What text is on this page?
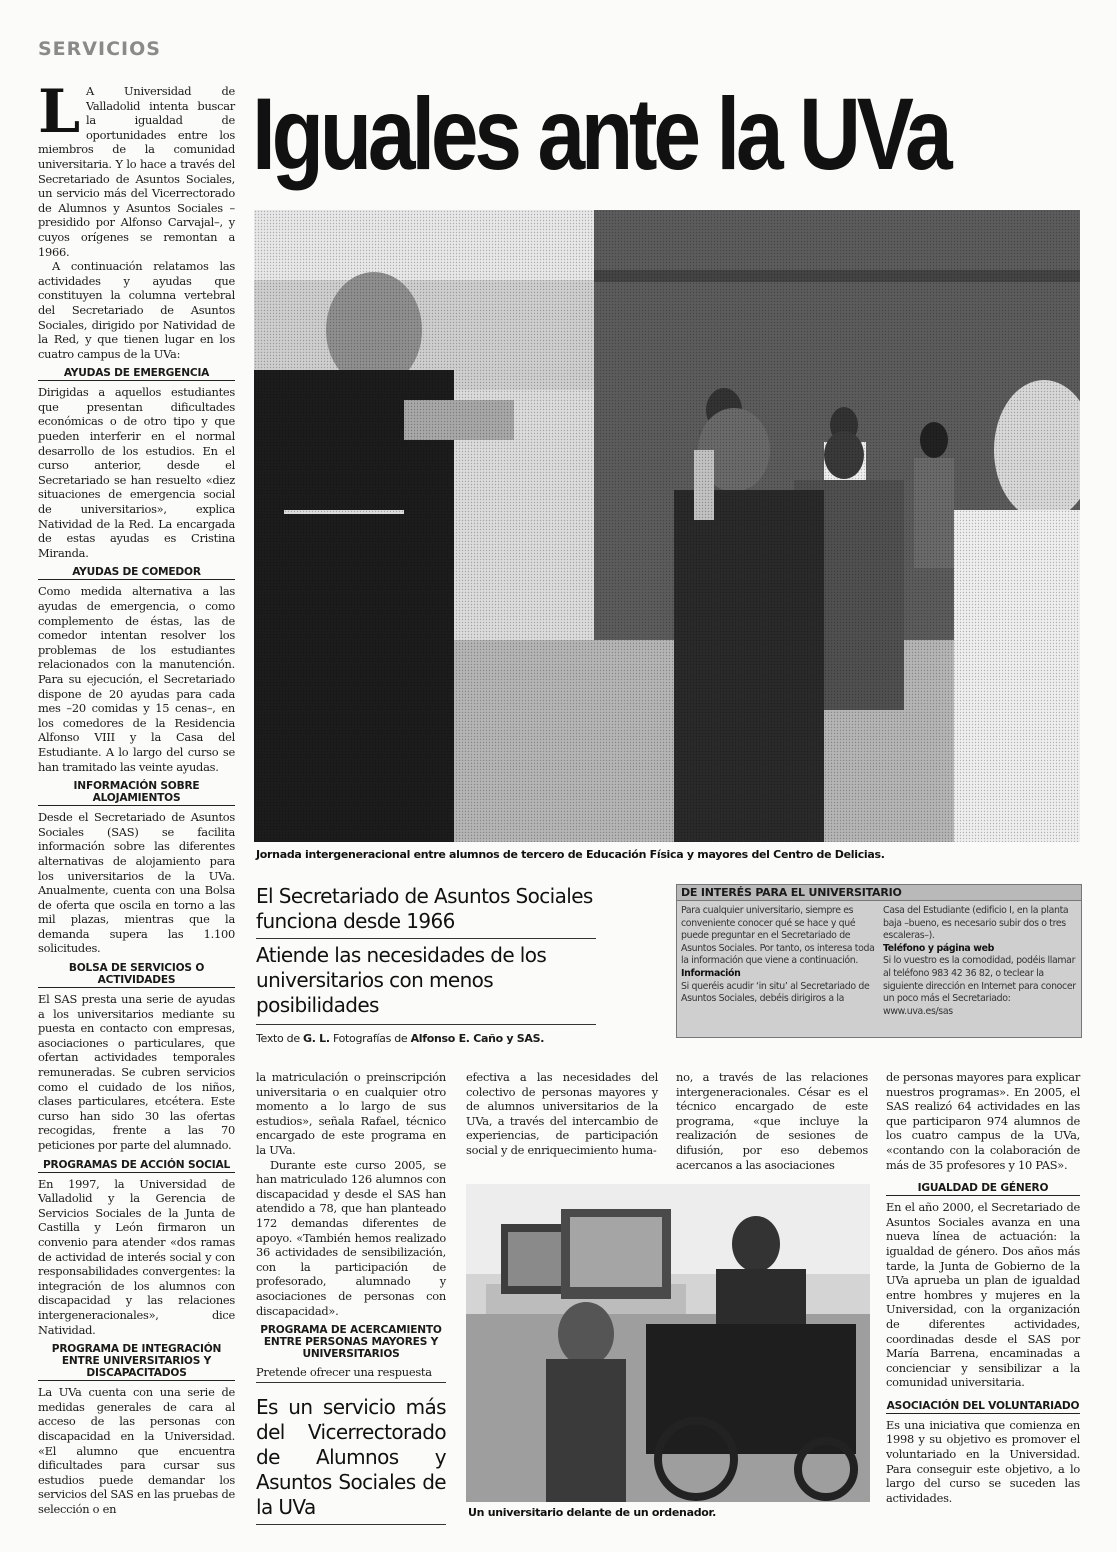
SERVICIOS
Iguales ante la UVa

L A Universidad de Valladolid intenta buscar la igualdad de oportunidades entre los miembros de la comunidad universitaria. Y lo hace a través del Secretariado de Asuntos Sociales, un servicio más del Vicerrectorado de Alumnos y Asuntos Sociales –presidido por Alfonso Carvajal–, y cuyos orígenes se remontan a 1966.

A continuación relatamos las actividades y ayudas que constituyen la columna vertebral del Secretariado de Asuntos Sociales, dirigido por Natividad de la Red, y que tienen lugar en los cuatro campus de la UVa:

AYUDAS DE EMERGENCIA

Dirigidas a aquellos estudiantes que presentan dificultades económicas o de otro tipo y que pueden interferir en el normal desarrollo de los estudios. En el curso anterior, desde el Secretariado se han resuelto «diez situaciones de emergencia social de universitarios», explica Natividad de la Red. La encargada de estas ayudas es Cristina Miranda.

AYUDAS DE COMEDOR

Como medida alternativa a las ayudas de emergencia, o como complemento de éstas, las de comedor intentan resolver los problemas de los estudiantes relacionados con la manutención. Para su ejecución, el Secretariado dispone de 20 ayudas para cada mes –20 comidas y 15 cenas–, en los comedores de la Residencia Alfonso VIII y la Casa del Estudiante. A lo largo del curso se han tramitado las veinte ayudas.

INFORMACIÓN SOBRE ALOJAMIENTOS

Desde el Secretariado de Asuntos Sociales (SAS) se facilita información sobre las diferentes alternativas de alojamiento para los universitarios de la UVa. Anualmente, cuenta con una Bolsa de oferta que oscila en torno a las mil plazas, mientras que la demanda supera las 1.100 solicitudes.

BOLSA DE SERVICIOS O ACTIVIDADES

El SAS presta una serie de ayudas a los universitarios mediante su puesta en contacto con empresas, asociaciones o particulares, que ofertan actividades temporales remuneradas. Se cubren servicios como el cuidado de los niños, clases particulares, etcétera. Este curso han sido 30 las ofertas recogidas, frente a las 70 peticiones por parte del alumnado.

PROGRAMAS DE ACCIÓN SOCIAL

En 1997, la Universidad de Valladolid y la Gerencia de Servicios Sociales de la Junta de Castilla y León firmaron un convenio para atender «dos ramas de actividad de interés social y con responsabilidades convergentes: la integración de los alumnos con discapacidad y las relaciones intergeneracionales», dice Natividad.

PROGRAMA DE INTEGRACIÓN ENTRE UNIVERSITARIOS Y DISCAPACITADOS

La UVa cuenta con una serie de medidas generales de cara al acceso de las personas con discapacidad en la Universidad. «El alumno que encuentra dificultades para cursar sus estudios puede demandar los servicios del SAS en las pruebas de selección o en

Jornada intergeneracional entre alumnos de tercero de Educación Física y mayores del Centro de Delicias.
El Secretariado de Asuntos Sociales funciona desde 1966
Atiende las necesidades de los universitarios con menos posibilidades
Texto de G. L. Fotografías de Alfonso E. Caño y SAS.
DE INTERÉS PARA EL UNIVERSITARIO
Para cualquier universitario, siempre es conveniente conocer qué se hace y qué puede preguntar en el Secretariado de Asuntos Sociales. Por tanto, os interesa toda la información que viene a continuación.
Información
Si queréis acudir ‘in situ’ al Secretariado de Asuntos Sociales, debéis dirigiros a la
Casa del Estudiante (edificio I, en la planta baja –bueno, es necesario subir dos o tres escaleras–).
Teléfono y página web
Si lo vuestro es la comodidad, podéis llamar al teléfono 983 42 36 82, o teclear la siguiente dirección en Internet para conocer un poco más el Secretariado: www.uva.es/sas

la matriculación o preinscripción universitaria o en cualquier otro momento a lo largo de sus estudios», señala Rafael, técnico encargado de este programa en la UVa.

Durante este curso 2005, se han matriculado 126 alumnos con discapacidad y desde el SAS han atendido a 78, que han planteado 172 demandas diferentes de apoyo. «También hemos realizado 36 actividades de sensibilización, con la participación de profesorado, alumnado y asociaciones de personas con discapacidad».

PROGRAMA DE ACERCAMIENTO ENTRE PERSONAS MAYORES Y UNIVERSITARIOS

Pretende ofrecer una respuesta

Es un servicio más del Vicerrectorado de Alumnos y Asuntos Sociales de la UVa

efectiva a las necesidades del colectivo de personas mayores y de alumnos universitarios de la UVa, a través del intercambio de experiencias, de participación social y de enriquecimiento huma-

no, a través de las relaciones intergeneracionales. César es el técnico encargado de este programa, «que incluye la realización de sesiones de difusión, por eso debemos acercanos a las asociaciones

Un universitario delante de un ordenador.

de personas mayores para explicar nuestros programas». En 2005, el SAS realizó 64 actividades en las que participaron 974 alumnos de los cuatro campus de la UVa, «contando con la colaboración de más de 35 profesores y 10 PAS».

IGUALDAD DE GÉNERO

En el año 2000, el Secretariado de Asuntos Sociales avanza en una nueva línea de actuación: la igualdad de género. Dos años más tarde, la Junta de Gobierno de la UVa aprueba un plan de igualdad entre hombres y mujeres en la Universidad, con la organización de diferentes actividades, coordinadas desde el SAS por María Barrena, encaminadas a concienciar y sensibilizar a la comunidad universitaria.

ASOCIACIÓN DEL VOLUNTARIADO

Es una iniciativa que comienza en 1998 y su objetivo es promover el voluntariado en la Universidad. Para conseguir este objetivo, a lo largo del curso se suceden las actividades.
